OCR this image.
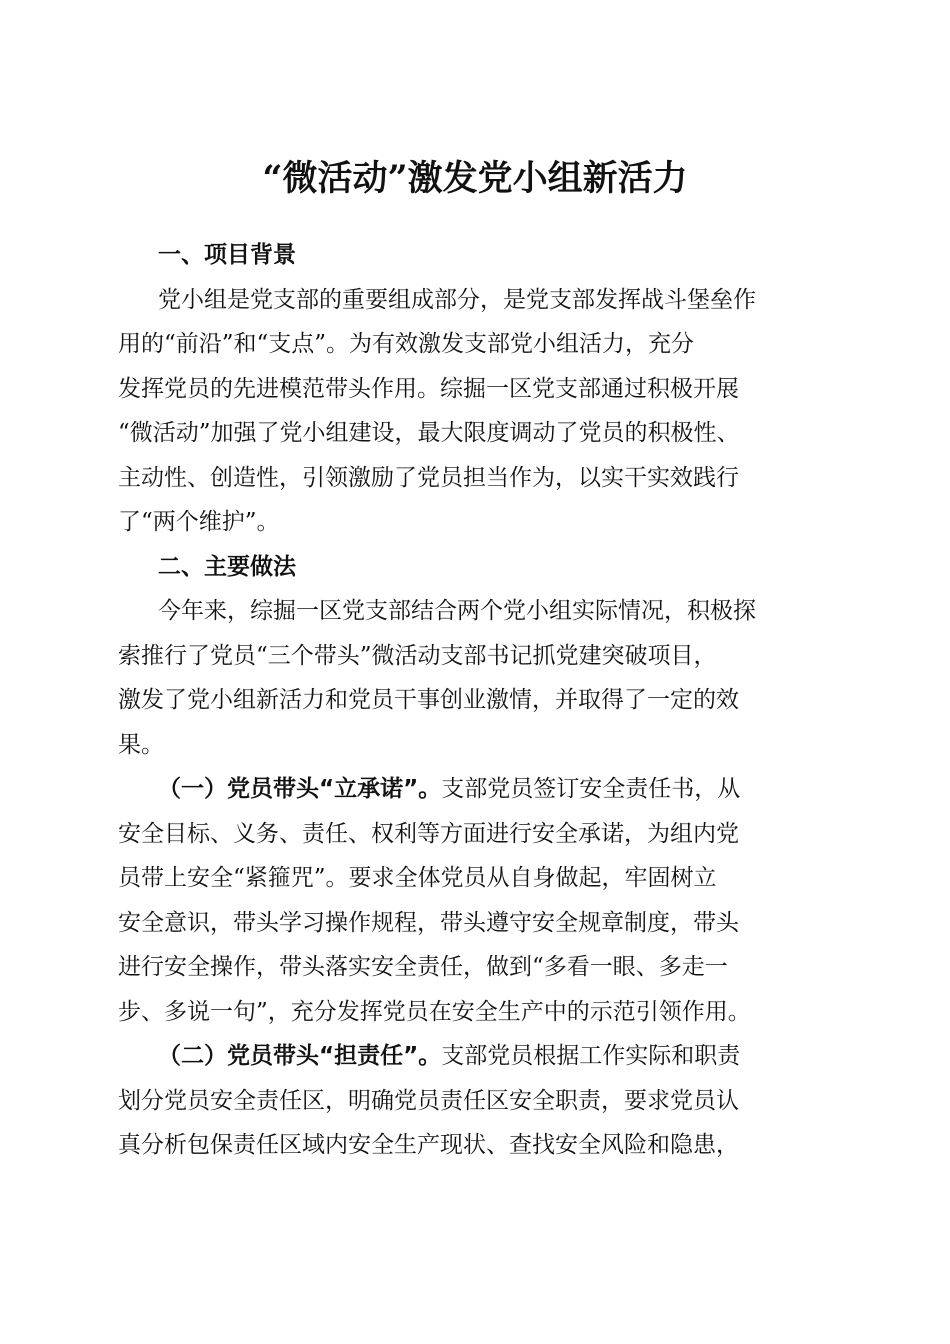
“微活动”激发党小组新活力
一、项目背景

党小组是党支部的重要组成部分，是党支部发挥战斗堡垒作
用的“前沿”和“支点”。为有效激发支部党小组活力，充分
发挥党员的先进模范带头作用。综掘一区党支部通过积极开展
“微活动”加强了党小组建设，最大限度调动了党员的积极性、
主动性、创造性，引领激励了党员担当作为，以实干实效践行
了“两个维护”。

二、主要做法

今年来，综掘一区党支部结合两个党小组实际情况，积极探
索推行了党员“三个带头”微活动支部书记抓党建突破项目，
激发了党小组新活力和党员干事创业激情，并取得了一定的效
果。

（一）党员带头“立承诺”。支部党员签订安全责任书，从
安全目标、义务、责任、权利等方面进行安全承诺，为组内党
员带上安全“紧箍咒”。要求全体党员从自身做起，牢固树立
安全意识，带头学习操作规程，带头遵守安全规章制度，带头
进行安全操作，带头落实安全责任，做到“多看一眼、多走一
步、多说一句”，充分发挥党员在安全生产中的示范引领作用。

（二）党员带头“担责任”。支部党员根据工作实际和职责
划分党员安全责任区，明确党员责任区安全职责，要求党员认
真分析包保责任区域内安全生产现状、查找安全风险和隐患，
